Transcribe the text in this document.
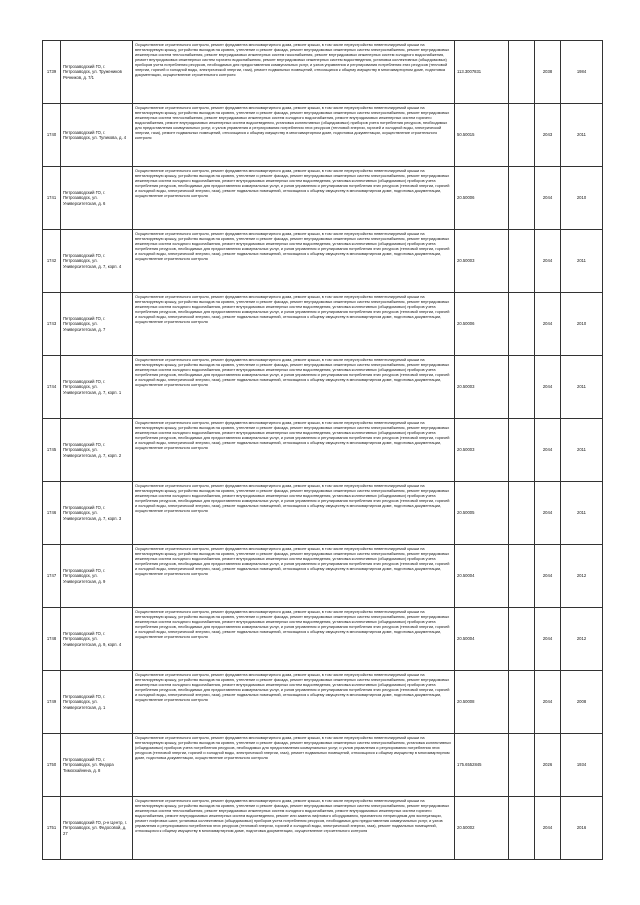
1739	Петрозаводский ГО, г. Петрозаводск, ул. Тружеников Речников, д. 7/1	Осуществление строительного контроля, ремонт фундамента многоквартирного дома, ремонт крыши, в том числе переустройство невентилируемой крыши на вентилируемую крышу, устройство выходов на кровлю, утепление и ремонт фасада, ремонт внутридомовых инженерных систем электроснабжения, ремонт внутридомовых инженерных систем теплоснабжения, ремонт внутридомовых инженерных систем газоснабжения, ремонт внутридомовых инженерных систем холодного водоснабжения, ремонт внутридомовых инженерных систем горячего водоснабжения, ремонт внутридомовых инженерных систем водоотведения, установка коллективных (общедомовых) приборов учета потребления ресурсов, необходимых для предоставления коммунальных услуг, и узлов управления и регулирования потребления этих ресурсов (тепловой энергии, горячей и холодной воды, электрической энергии, газа), ремонт подвальных помещений, относящихся к общему имуществу в многоквартирном доме, подготовка документации, осуществление строительного контроля	113.3007831		2038	1984
1740	Петрозаводский ГО, г. Петрозаводск, ул. Туликова, д. 4	Осуществление строительного контроля, ремонт фундамента многоквартирного дома, ремонт крыши, в том числе переустройство невентилируемой крыши на вентилируемую крышу, устройство выходов на кровлю, утепление и ремонт фасада, ремонт внутридомовых инженерных систем электроснабжения, ремонт внутридомовых инженерных систем теплоснабжения, ремонт внутридомовых инженерных систем холодного водоснабжения, ремонт внутридомовых инженерных систем горячего водоснабжения, ремонт внутридомовых инженерных систем водоотведения, установка коллективных (общедомовых) приборов учета потребления ресурсов, необходимых для предоставления коммунальных услуг, и узлов управления и регулирования потребления этих ресурсов (тепловой энергии, горячей и холодной воды, электрической энергии, газа), ремонт подвальных помещений, относящихся к общему имуществу в многоквартирном доме, подготовка документации, осуществление строительного контроля	50.50015		2043	2011
1741	Петрозаводский ГО, г. Петрозаводск, ул. Университетская, д. 6	Осуществление строительного контроля, ремонт фундамента многоквартирного дома, ремонт крыши, в том числе переустройство невентилируемой крыши на вентилируемую крышу, устройство выходов на кровлю, утепление и ремонт фасада, ремонт внутридомовых инженерных систем электроснабжения, ремонт внутридомовых инженерных систем холодного водоснабжения, ремонт внутридомовых инженерных систем водоотведения, установка коллективных (общедомовых) приборов учета потребления ресурсов, необходимых для предоставления коммунальных услуг, и узлов управления и регулирования потребления этих ресурсов (тепловой энергии, горячей и холодной воды, электрической энергии, газа), ремонт подвальных помещений, относящихся к общему имуществу в многоквартирном доме, подготовка документации, осуществление строительного контроля	20.50006		2044	2010
1742	Петрозаводский ГО, г. Петрозаводск, ул. Университетская, д. 7, корп. 4	Осуществление строительного контроля, ремонт фундамента многоквартирного дома, ремонт крыши, в том числе переустройство невентилируемой крыши на вентилируемую крышу, устройство выходов на кровлю, утепление и ремонт фасада, ремонт внутридомовых инженерных систем электроснабжения, ремонт внутридомовых инженерных систем холодного водоснабжения, ремонт внутридомовых инженерных систем водоотведения, установка коллективных (общедомовых) приборов учета потребления ресурсов, необходимых для предоставления коммунальных услуг, и узлов управления и регулирования потребления этих ресурсов (тепловой энергии, горячей и холодной воды, электрической энергии, газа), ремонт подвальных помещений, относящихся к общему имуществу в многоквартирном доме, подготовка документации, осуществление строительного контроля	20.50003		2044	2011
1743	Петрозаводский ГО, г. Петрозаводск, ул. Университетская, д. 7	Осуществление строительного контроля, ремонт фундамента многоквартирного дома, ремонт крыши, в том числе переустройство невентилируемой крыши на вентилируемую крышу, устройство выходов на кровлю, утепление и ремонт фасада, ремонт внутридомовых инженерных систем электроснабжения, ремонт внутридомовых инженерных систем холодного водоснабжения, ремонт внутридомовых инженерных систем водоотведения, установка коллективных (общедомовых) приборов учета потребления ресурсов, необходимых для предоставления коммунальных услуг, и узлов управления и регулирования потребления этих ресурсов (тепловой энергии, горячей и холодной воды, электрической энергии, газа), ремонт подвальных помещений, относящихся к общему имуществу в многоквартирном доме, подготовка документации, осуществление строительного контроля	20.50006		2044	2010
1744	Петрозаводский ГО, г. Петрозаводск, ул. Университетская, д. 7, корп. 1	Осуществление строительного контроля, ремонт фундамента многоквартирного дома, ремонт крыши, в том числе переустройство невентилируемой крыши на вентилируемую крышу, устройство выходов на кровлю, утепление и ремонт фасада, ремонт внутридомовых инженерных систем электроснабжения, ремонт внутридомовых инженерных систем холодного водоснабжения, ремонт внутридомовых инженерных систем водоотведения, установка коллективных (общедомовых) приборов учета потребления ресурсов, необходимых для предоставления коммунальных услуг, и узлов управления и регулирования потребления этих ресурсов (тепловой энергии, горячей и холодной воды, электрической энергии, газа), ремонт подвальных помещений, относящихся к общему имуществу в многоквартирном доме, подготовка документации, осуществление строительного контроля	20.50003		2044	2011
1745	Петрозаводский ГО, г. Петрозаводск, ул. Университетская, д. 7, корп. 2	Осуществление строительного контроля, ремонт фундамента многоквартирного дома, ремонт крыши, в том числе переустройство невентилируемой крыши на вентилируемую крышу, устройство выходов на кровлю, утепление и ремонт фасада, ремонт внутридомовых инженерных систем электроснабжения, ремонт внутридомовых инженерных систем холодного водоснабжения, ремонт внутридомовых инженерных систем водоотведения, установка коллективных (общедомовых) приборов учета потребления ресурсов, необходимых для предоставления коммунальных услуг, и узлов управления и регулирования потребления этих ресурсов (тепловой энергии, горячей и холодной воды, электрической энергии, газа), ремонт подвальных помещений, относящихся к общему имуществу в многоквартирном доме, подготовка документации, осуществление строительного контроля	20.50003		2044	2011
1746	Петрозаводский ГО, г. Петрозаводск, ул. Университетская, д. 7, корп. 3	Осуществление строительного контроля, ремонт фундамента многоквартирного дома, ремонт крыши, в том числе переустройство невентилируемой крыши на вентилируемую крышу, устройство выходов на кровлю, утепление и ремонт фасада, ремонт внутридомовых инженерных систем электроснабжения, ремонт внутридомовых инженерных систем холодного водоснабжения, ремонт внутридомовых инженерных систем водоотведения, установка коллективных (общедомовых) приборов учета потребления ресурсов, необходимых для предоставления коммунальных услуг, и узлов управления и регулирования потребления этих ресурсов (тепловой энергии, горячей и холодной воды, электрической энергии, газа), ремонт подвальных помещений, относящихся к общему имуществу в многоквартирном доме, подготовка документации, осуществление строительного контроля	20.50005		2044	2011
1747	Петрозаводский ГО, г. Петрозаводск, ул. Университетская, д. 9	Осуществление строительного контроля, ремонт фундамента многоквартирного дома, ремонт крыши, в том числе переустройство невентилируемой крыши на вентилируемую крышу, устройство выходов на кровлю, утепление и ремонт фасада, ремонт внутридомовых инженерных систем электроснабжения, ремонт внутридомовых инженерных систем холодного водоснабжения, ремонт внутридомовых инженерных систем водоотведения, установка коллективных (общедомовых) приборов учета потребления ресурсов, необходимых для предоставления коммунальных услуг, и узлов управления и регулирования потребления этих ресурсов (тепловой энергии, горячей и холодной воды, электрической энергии, газа), ремонт подвальных помещений, относящихся к общему имуществу в многоквартирном доме, подготовка документации, осуществление строительного контроля	20.50004		2044	2012
1748	Петрозаводский ГО, г. Петрозаводск, ул. Университетская, д. 9, корп. 4	Осуществление строительного контроля, ремонт фундамента многоквартирного дома, ремонт крыши, в том числе переустройство невентилируемой крыши на вентилируемую крышу, устройство выходов на кровлю, утепление и ремонт фасада, ремонт внутридомовых инженерных систем электроснабжения, ремонт внутридомовых инженерных систем холодного водоснабжения, ремонт внутридомовых инженерных систем водоотведения, установка коллективных (общедомовых) приборов учета потребления ресурсов, необходимых для предоставления коммунальных услуг, и узлов управления и регулирования потребления этих ресурсов (тепловой энергии, горячей и холодной воды, электрической энергии, газа), ремонт подвальных помещений, относящихся к общему имуществу в многоквартирном доме, подготовка документации, осуществление строительного контроля	20.50004		2044	2012
1749	Петрозаводский ГО, г. Петрозаводск, ул. Университетская, д. 1	Осуществление строительного контроля, ремонт фундамента многоквартирного дома, ремонт крыши, в том числе переустройство невентилируемой крыши на вентилируемую крышу, устройство выходов на кровлю, утепление и ремонт фасада, ремонт внутридомовых инженерных систем электроснабжения, ремонт внутридомовых инженерных систем холодного водоснабжения, ремонт внутридомовых инженерных систем водоотведения, установка коллективных (общедомовых) приборов учета потребления ресурсов, необходимых для предоставления коммунальных услуг, и узлов управления и регулирования потребления этих ресурсов (тепловой энергии, горячей и холодной воды, электрической энергии, газа), ремонт подвальных помещений, относящихся к общему имуществу в многоквартирном доме, подготовка документации, осуществление строительного контроля	20.50008		2044	2008
1750	Петрозаводский ГО, г. Петрозаводск, ул. Федора Тимоскайнена, д. 8	Осуществление строительного контроля, ремонт фундамента многоквартирного дома, ремонт крыши, в том числе переустройство невентилируемой крыши на вентилируемую крышу, устройство выходов на кровлю, утепление и ремонт фасада, ремонт внутридомовых инженерных систем электроснабжения, установка коллективных (общедомовых) приборов учета потребления ресурсов, необходимых для предоставления коммунальных услуг, и узлов управления и регулирования потребления этих ресурсов (тепловой энергии, горячей и холодной воды, электрической энергии, газа), ремонт подвальных помещений, относящихся к общему имуществу в многоквартирном доме, подготовка документации, осуществление строительного контроля	175.6552845		2026	1934
1751	Петрозаводский ГО, р-н Центр, г. Петрозаводск, ул. Федосовой, д. 27	Осуществление строительного контроля, ремонт фундамента многоквартирного дома, ремонт крыши, в том числе переустройство невентилируемой крыши на вентилируемую крышу, устройство выходов на кровлю, утепление и ремонт фасада, ремонт внутридомовых инженерных систем электроснабжения, ремонт внутридомовых инженерных систем теплоснабжения, ремонт внутридомовых инженерных систем холодного водоснабжения, ремонт внутридомовых инженерных систем горячего водоснабжения, ремонт внутридомовых инженерных систем водоотведения, ремонт или замена лифтового оборудования, признанного непригодным для эксплуатации, ремонт лифтовых шахт, установка коллективных (общедомовых) приборов учета потребления ресурсов, необходимых для предоставления коммунальных услуг, и узлов управления и регулирования потребления этих ресурсов (тепловой энергии, горячей и холодной воды, электрической энергии, газа), ремонт подвальных помещений, относящихся к общему имуществу в многоквартирном доме, подготовка документации, осуществление строительного контроля	20.50002		2044	2016
